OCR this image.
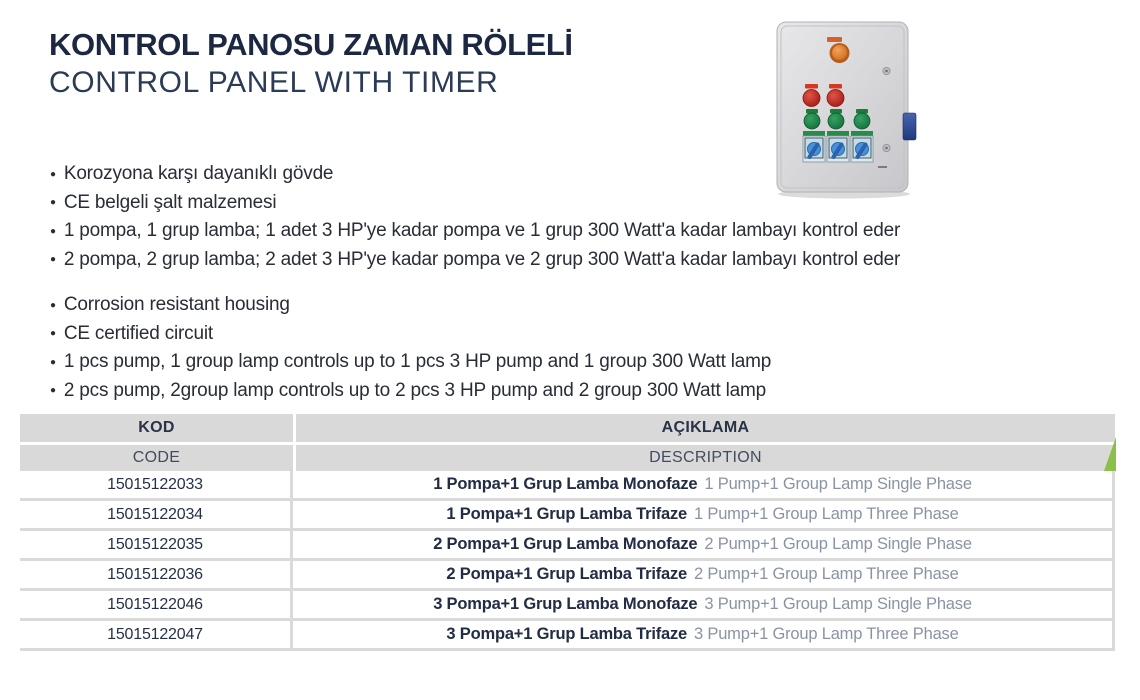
KONTROL PANOSU ZAMAN RÖLELİ
CONTROL PANEL WITH TIMER
● Korozyona karşı dayanıklı gövde
● CE belgeli şalt malzemesi
● 1 pompa, 1 grup lamba; 1 adet 3 HP'ye kadar pompa ve 1 grup 300 Watt'a kadar lambayı kontrol eder
● 2 pompa, 2 grup lamba; 2 adet 3 HP'ye kadar pompa ve 2 grup 300 Watt'a kadar lambayı kontrol eder
● Corrosion resistant housing
● CE certified circuit
● 1 pcs pump, 1 group lamp controls up to 1 pcs 3 HP pump and 1 group 300 Watt lamp
● 2 pcs pump, 2group lamp controls up to 2 pcs 3 HP pump and 2 group 300 Watt lamp
KOD	AÇIKLAMA
CODE	DESCRIPTION
15015122033	1 Pompa+1 Grup Lamba Monofaze 1 Pump+1 Group Lamp Single Phase
15015122034	1 Pompa+1 Grup Lamba Trifaze 1 Pump+1 Group Lamp Three Phase
15015122035	2 Pompa+1 Grup Lamba Monofaze 2 Pump+1 Group Lamp Single Phase
15015122036	2 Pompa+1 Grup Lamba Trifaze 2 Pump+1 Group Lamp Three Phase
15015122046	3 Pompa+1 Grup Lamba Monofaze 3 Pump+1 Group Lamp Single Phase
15015122047	3 Pompa+1 Grup Lamba Trifaze 3 Pump+1 Group Lamp Three Phase
